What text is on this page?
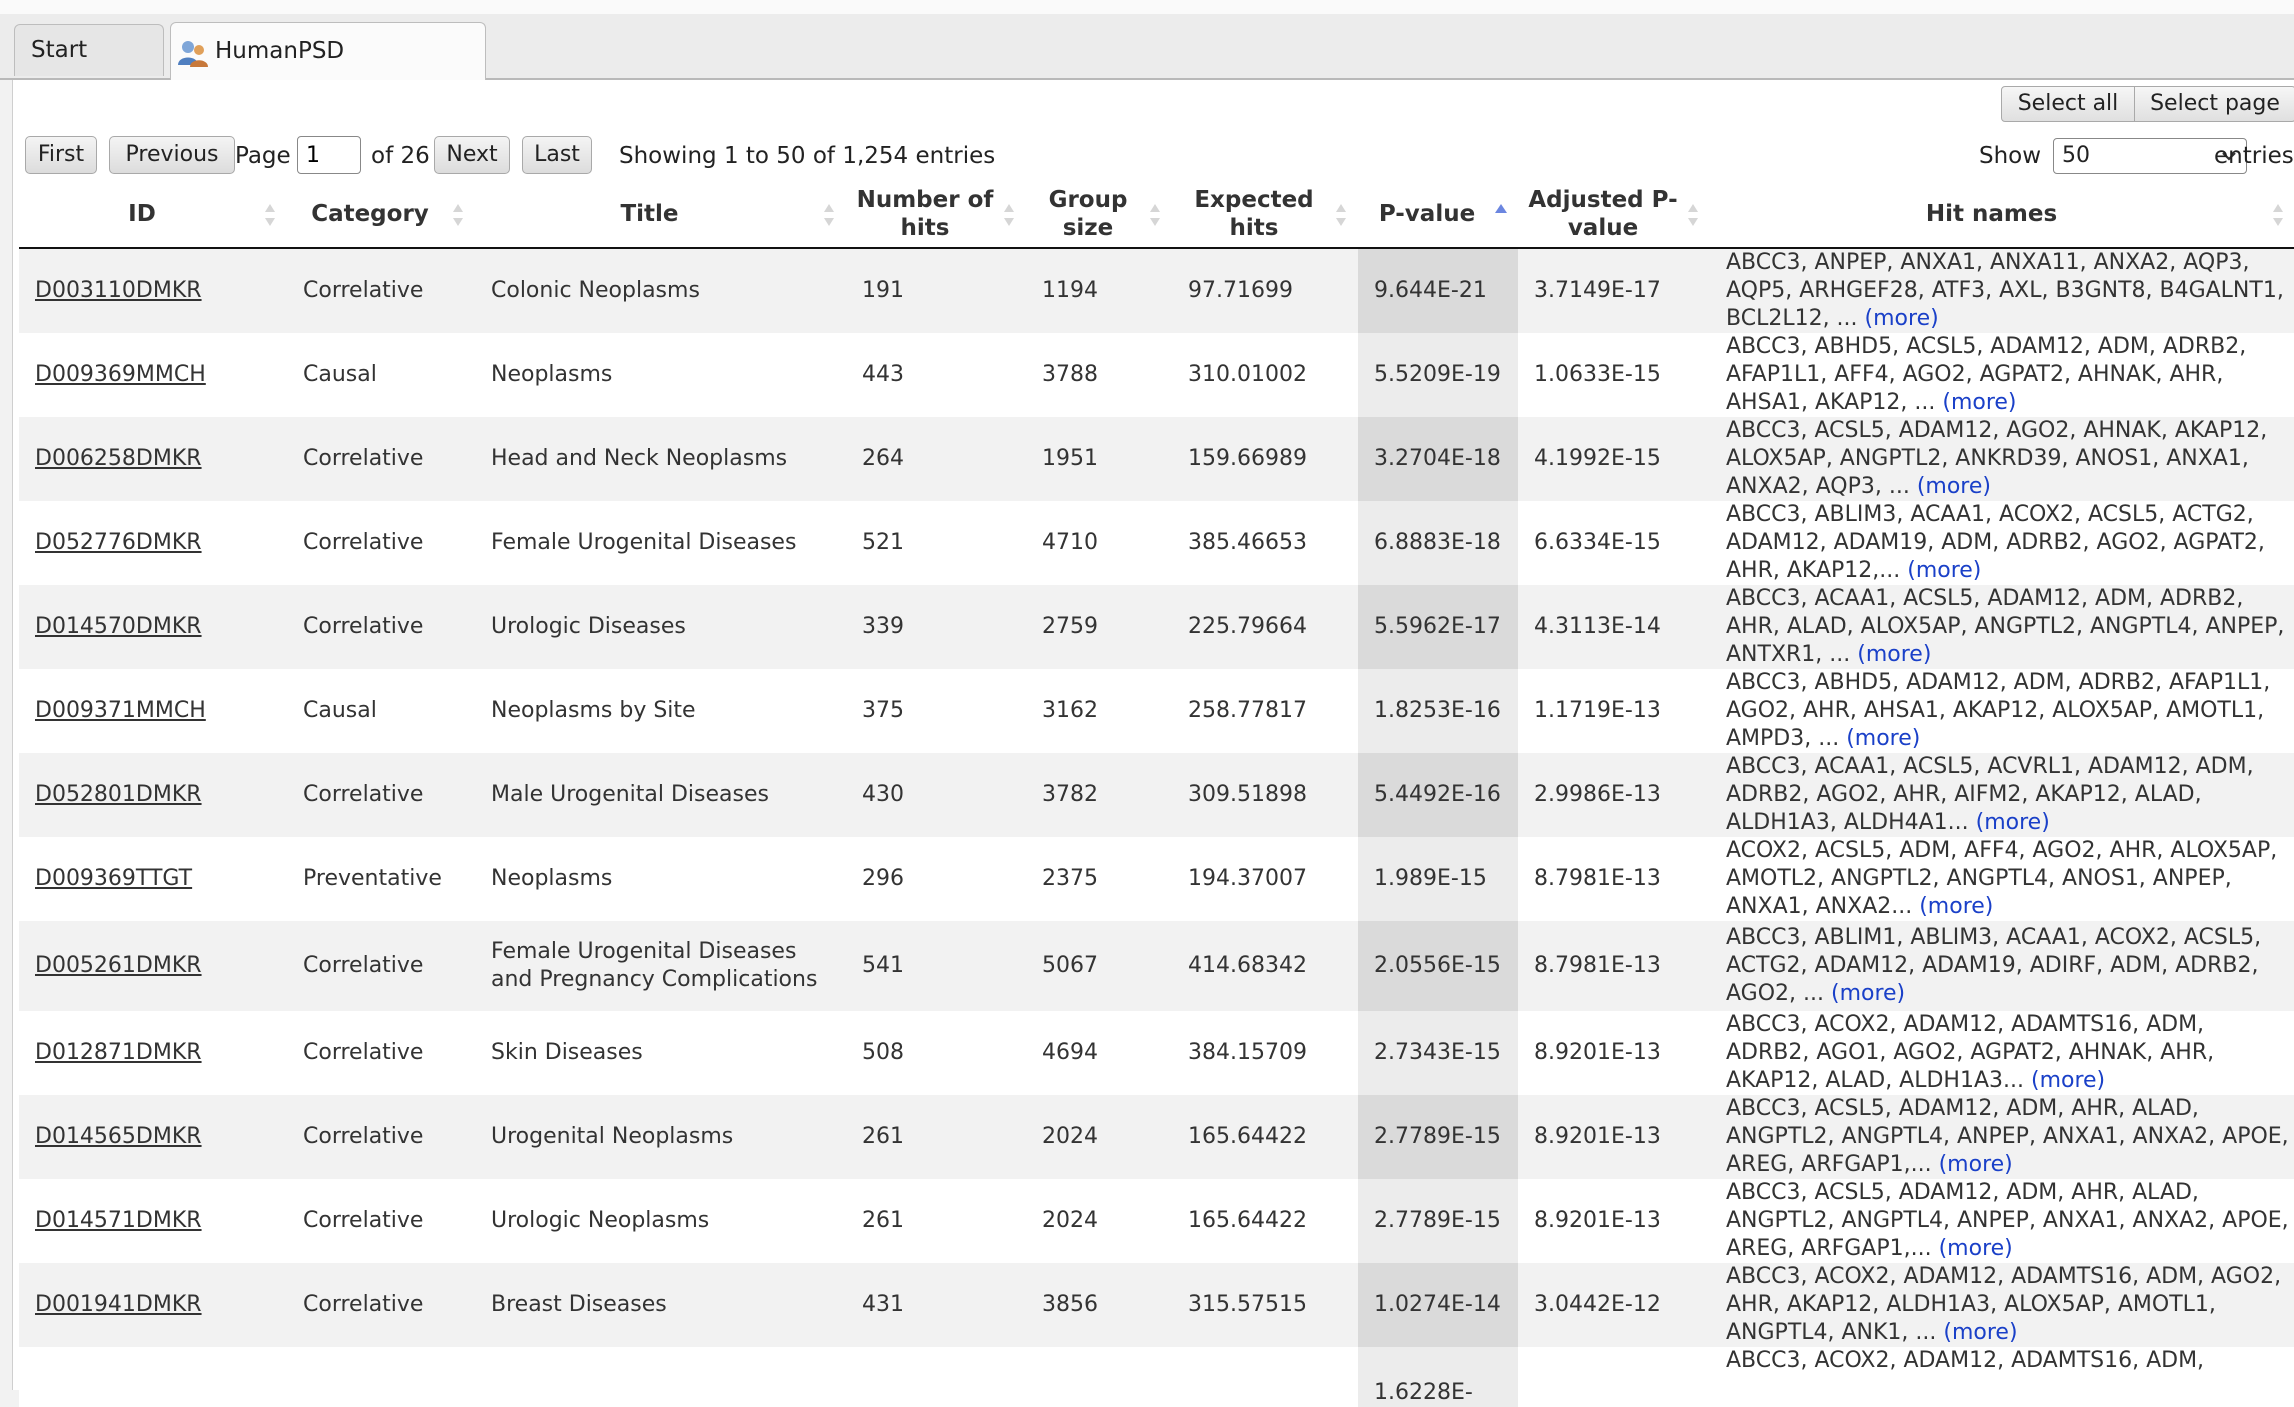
Start	HumanPSD
Select all	Select page
First	Previous Page
1	of 26 Next	Last	Showing 1 to 50 of 1,254 entries	Show 50	entries
ID	Category	Title	Number of hits	Group size	Expected hits	P-value	Adjusted P-value	Hit names

D003110DMKR	Correlative	Colonic Neoplasms	191	1194	97.71699	9.644E-21	3.7149E-17	ABCC3, ANPEP, ANXA1, ANXA11, ANXA2, AQP3, AQP5, ARHGEF28, ATF3, AXL, B3GNT8, B4GALNT1, BCL2L12, ... (more)
D009369MMCH	Causal	Neoplasms	443	3788	310.01002	5.5209E-19	1.0633E-15	ABCC3, ABHD5, ACSL5, ADAM12, ADM, ADRB2, AFAP1L1, AFF4, AGO2, AGPAT2, AHNAK, AHR, AHSA1, AKAP12, ... (more)
D006258DMKR	Correlative	Head and Neck Neoplasms	264	1951	159.66989	3.2704E-18	4.1992E-15	ABCC3, ACSL5, ADAM12, AGO2, AHNAK, AKAP12, ALOX5AP, ANGPTL2, ANKRD39, ANOS1, ANXA1, ANXA2, AQP3, ... (more)
D052776DMKR	Correlative	Female Urogenital Diseases	521	4710	385.46653	6.8883E-18	6.6334E-15	ABCC3, ABLIM3, ACAA1, ACOX2, ACSL5, ACTG2, ADAM12, ADAM19, ADM, ADRB2, AGO2, AGPAT2, AHR, AKAP12,... (more)
D014570DMKR	Correlative	Urologic Diseases	339	2759	225.79664	5.5962E-17	4.3113E-14	ABCC3, ACAA1, ACSL5, ADAM12, ADM, ADRB2, AHR, ALAD, ALOX5AP, ANGPTL2, ANGPTL4, ANPEP, ANTXR1, ... (more)
D009371MMCH	Causal	Neoplasms by Site	375	3162	258.77817	1.8253E-16	1.1719E-13	ABCC3, ABHD5, ADAM12, ADM, ADRB2, AFAP1L1, AGO2, AHR, AHSA1, AKAP12, ALOX5AP, AMOTL1, AMPD3, ... (more)
D052801DMKR	Correlative	Male Urogenital Diseases	430	3782	309.51898	5.4492E-16	2.9986E-13	ABCC3, ACAA1, ACSL5, ACVRL1, ADAM12, ADM, ADRB2, AGO2, AHR, AIFM2, AKAP12, ALAD, ALDH1A3, ALDH4A1... (more)
D009369TTGT	Preventative	Neoplasms	296	2375	194.37007	1.989E-15	8.7981E-13	ACOX2, ACSL5, ADM, AFF4, AGO2, AHR, ALOX5AP, AMOTL2, ANGPTL2, ANGPTL4, ANOS1, ANPEP, ANXA1, ANXA2... (more)
D005261DMKR	Correlative	Female Urogenital Diseases and Pregnancy Complications	541	5067	414.68342	2.0556E-15	8.7981E-13	ABCC3, ABLIM1, ABLIM3, ACAA1, ACOX2, ACSL5, ACTG2, ADAM12, ADAM19, ADIRF, ADM, ADRB2, AGO2, ... (more)
D012871DMKR	Correlative	Skin Diseases	508	4694	384.15709	2.7343E-15	8.9201E-13	ABCC3, ACOX2, ADAM12, ADAMTS16, ADM, ADRB2, AGO1, AGO2, AGPAT2, AHNAK, AHR, AKAP12, ALAD, ALDH1A3... (more)
D014565DMKR	Correlative	Urogenital Neoplasms	261	2024	165.64422	2.7789E-15	8.9201E-13	ABCC3, ACSL5, ADAM12, ADM, AHR, ALAD, ANGPTL2, ANGPTL4, ANPEP, ANXA1, ANXA2, APOE, AREG, ARFGAP1,... (more)
D014571DMKR	Correlative	Urologic Neoplasms	261	2024	165.64422	2.7789E-15	8.9201E-13	ABCC3, ACSL5, ADAM12, ADM, AHR, ALAD, ANGPTL2, ANGPTL4, ANPEP, ANXA1, ANXA2, APOE, AREG, ARFGAP1,... (more)
D001941DMKR	Correlative	Breast Diseases	431	3856	315.57515	1.0274E-14	3.0442E-12	ABCC3, ACOX2, ADAM12, ADAMTS16, ADM, AGO2, AHR, AKAP12, ALDH1A3, ALOX5AP, AMOTL1, ANGPTL4, ANK1, ... (more)
						1.6228E-		ABCC3, ACOX2, ADAM12, ADAMTS16, ADM,
